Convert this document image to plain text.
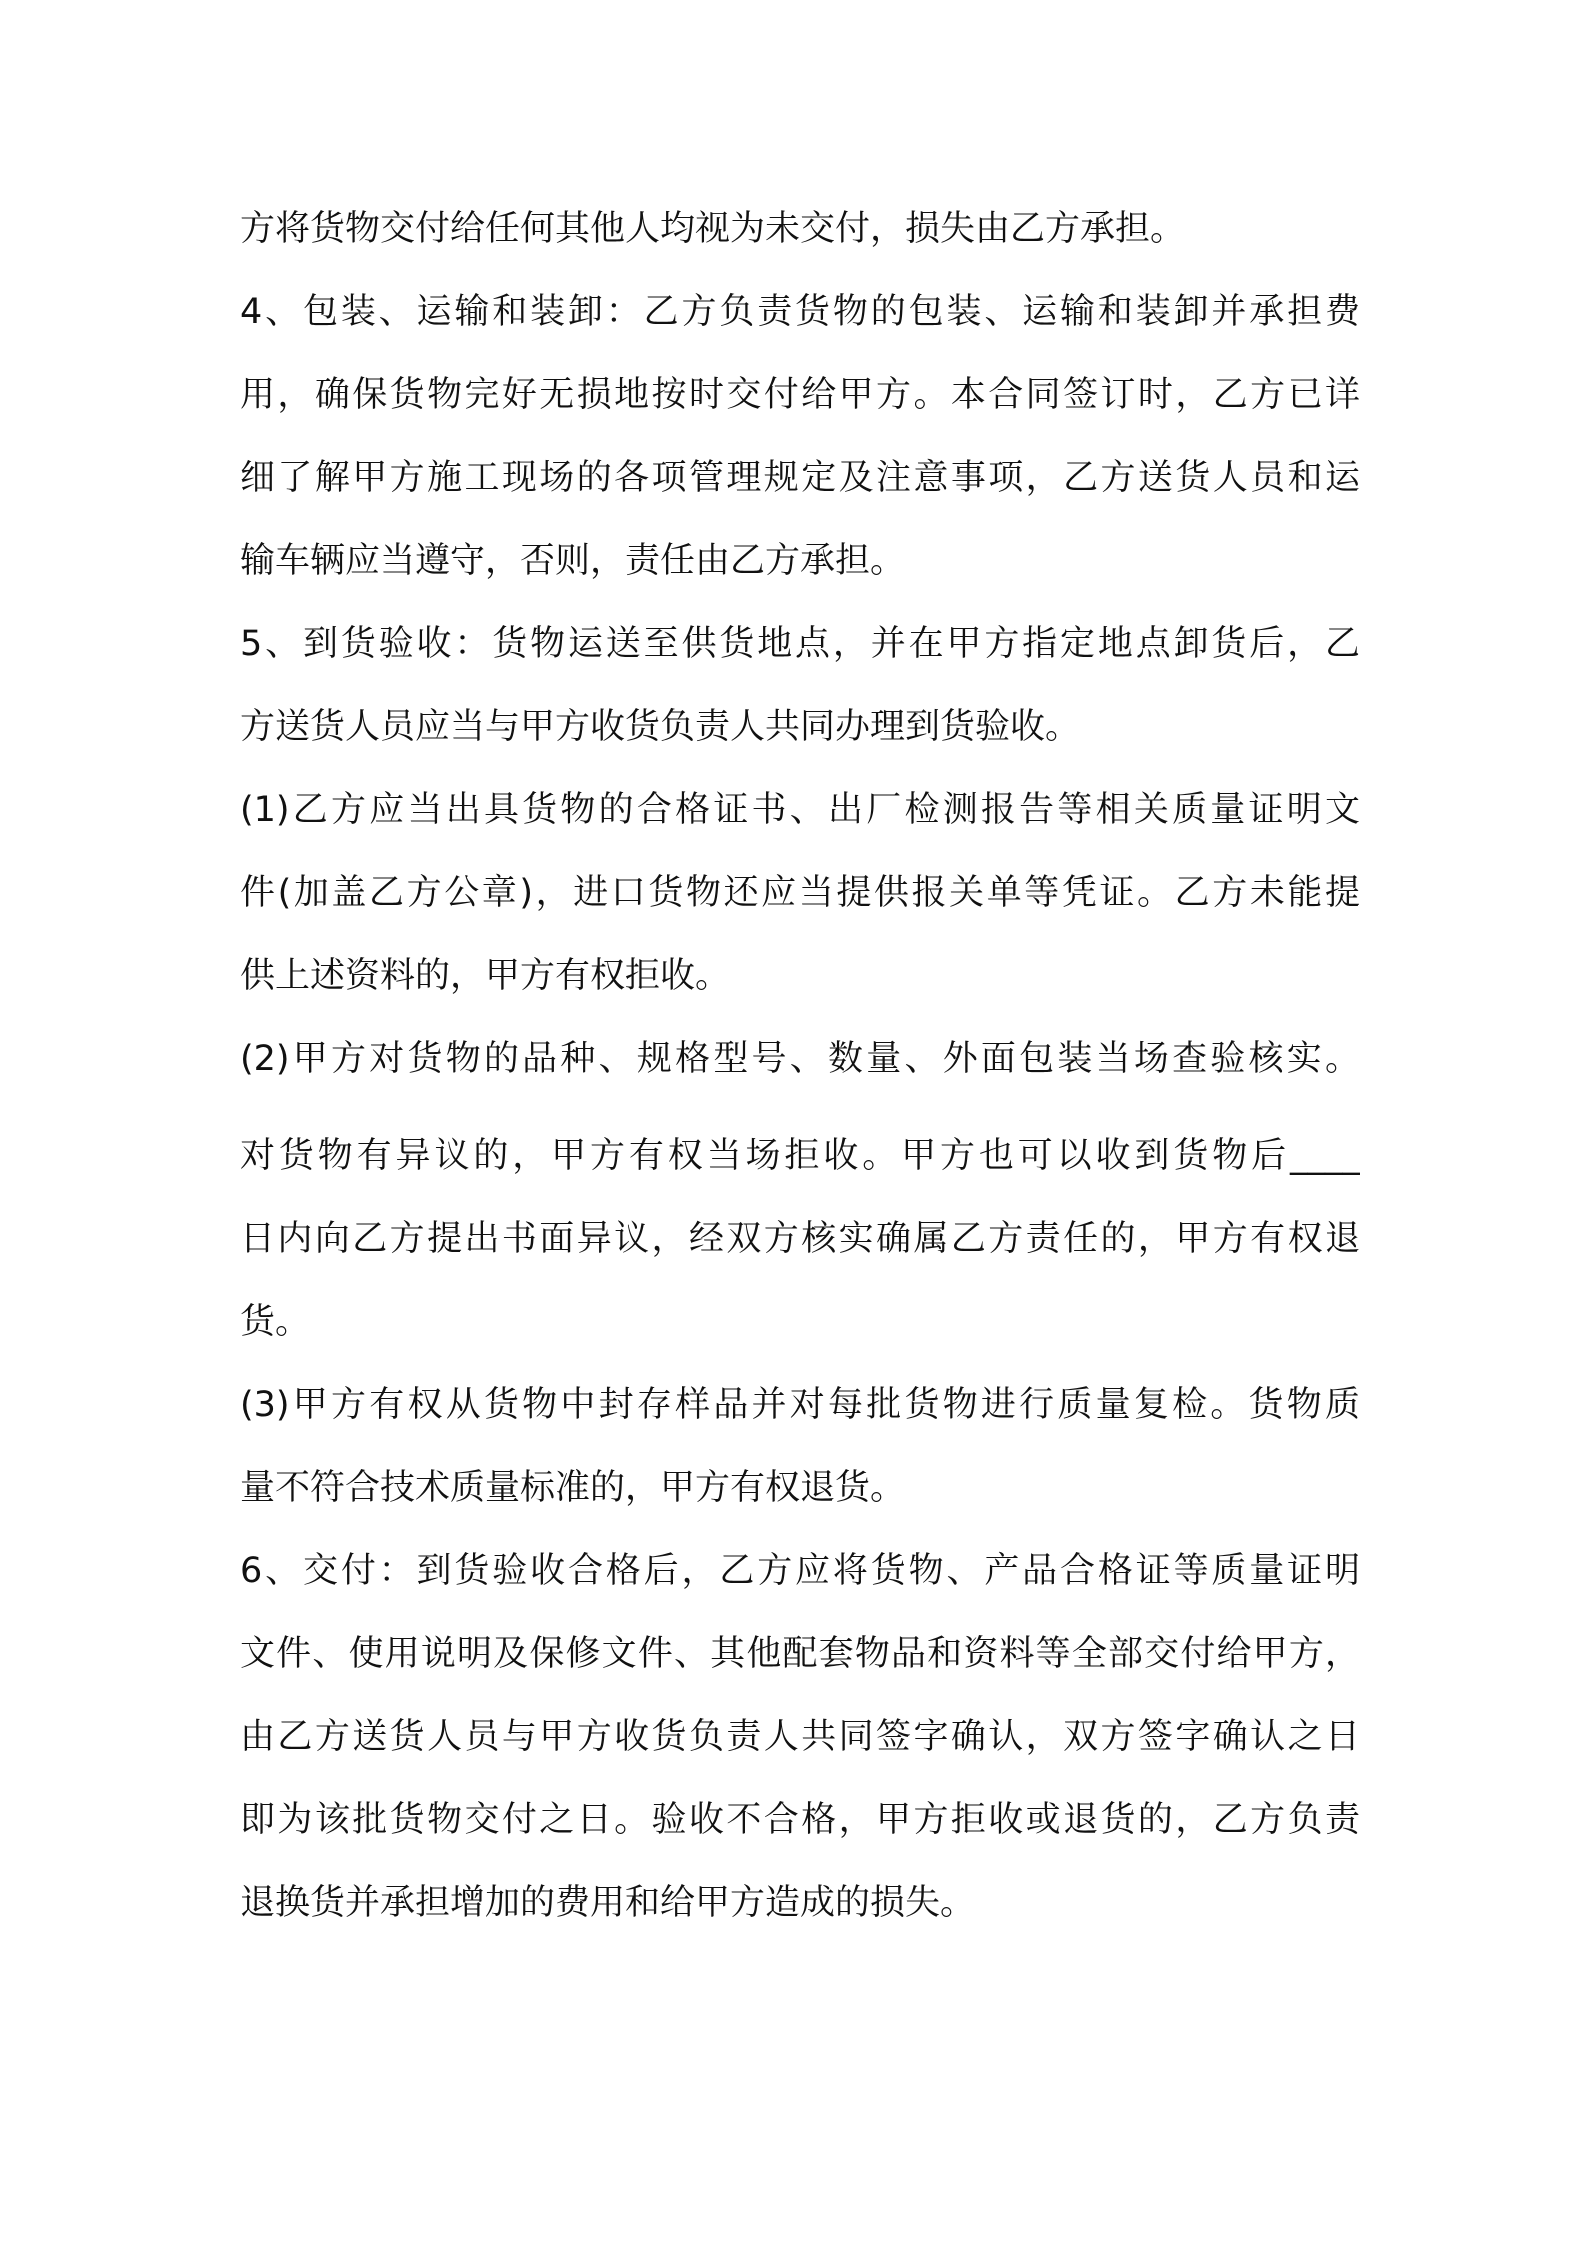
方将货物交付给任何其他人均视为未交付，损失由乙方承担。
4、包装、运输和装卸：乙方负责货物的包装、运输和装卸并承担费
用，确保货物完好无损地按时交付给甲方。本合同签订时，乙方已详
细了解甲方施工现场的各项管理规定及注意事项，乙方送货人员和运
输车辆应当遵守，否则，责任由乙方承担。
5、到货验收：货物运送至供货地点，并在甲方指定地点卸货后，乙
方送货人员应当与甲方收货负责人共同办理到货验收。
(1)乙方应当出具货物的合格证书、出厂检测报告等相关质量证明文
件(加盖乙方公章)，进口货物还应当提供报关单等凭证。乙方未能提
供上述资料的，甲方有权拒收。
(2)甲方对货物的品种、规格型号、数量、外面包装当场查验核实。
对货物有异议的，甲方有权当场拒收。甲方也可以收到货物后____
日内向乙方提出书面异议，经双方核实确属乙方责任的，甲方有权退
货。
(3)甲方有权从货物中封存样品并对每批货物进行质量复检。货物质
量不符合技术质量标准的，甲方有权退货。
6、交付：到货验收合格后，乙方应将货物、产品合格证等质量证明
文件、使用说明及保修文件、其他配套物品和资料等全部交付给甲方，
由乙方送货人员与甲方收货负责人共同签字确认，双方签字确认之日
即为该批货物交付之日。验收不合格，甲方拒收或退货的，乙方负责
退换货并承担增加的费用和给甲方造成的损失。
